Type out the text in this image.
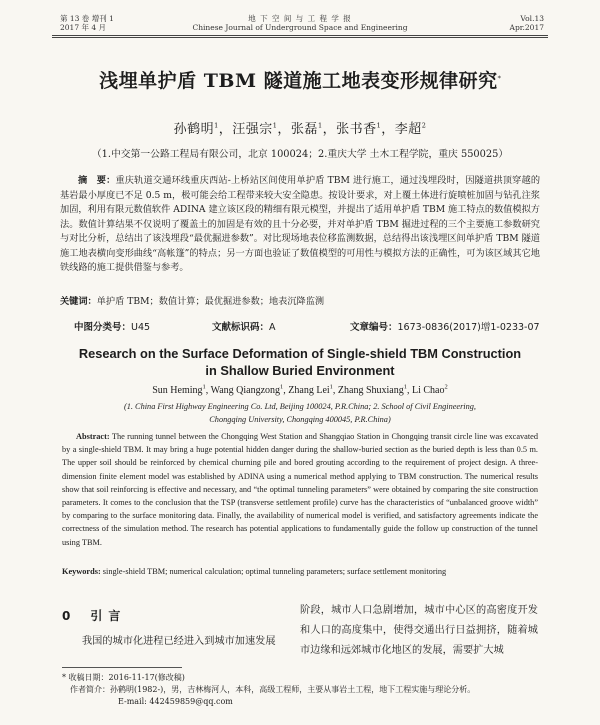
第 13 卷 增刊 1
2017 年 4 月
地 下 空 间 与 工 程 学 报
Chinese Journal of Underground Space and Engineering
Vol.13
Apr.2017
浅埋单护盾 TBM 隧道施工地表变形规律研究*
孙鹤明$^1$，汪强宗$^1$，张磊$^1$，张书香$^1$，李超$^2$
（1.中交第一公路工程局有限公司，北京 100024；2.重庆大学 土木工程学院，重庆 550025）
摘　要：重庆轨道交通环线重庆西站-上桥站区间使用单护盾 TBM 进行施工，通过浅埋段时，因隧道拱顶穿越的基岩最小厚度已不足 0.5 m，极可能会给工程带来较大安全隐患。按设计要求，对上覆土体进行旋喷桩加固与钻孔注浆加固，利用有限元数值软件 ADINA 建立该区段的精细有限元模型，并提出了适用单护盾 TBM 施工特点的数值模拟方法。数值计算结果不仅说明了覆盖土的加固是有效的且十分必要，并对单护盾 TBM 掘进过程的三个主要施工参数研究与对比分析，总结出了该浅埋段“最优掘进参数”。对比现场地表位移监测数据，总结得出该浅埋区间单护盾 TBM 隧道施工地表横向变形曲线“高帐篷”的特点；另一方面也验证了数值模型的可用性与模拟方法的正确性，可为该区域其它地铁线路的施工提供借鉴与参考。
关键词：单护盾 TBM；数值计算；最优掘进参数；地表沉降监测
中图分类号：U45	文献标识码：A	文章编号：1673-0836(2017)增1-0233-07
Research on the Surface Deformation of Single-shield TBM Construction
in Shallow Buried Environment
Sun Heming$^1$, Wang Qiangzong$^1$, Zhang Lei$^1$, Zhang Shuxiang$^1$, Li Chao$^2$
(1. China First Highway Engineering Co. Ltd, Beijing 100024, P.R.China; 2. School of Civil Engineering,
Chongqing University, Chongqing 400045, P.R.China)
Abstract: The running tunnel between the Chongqing West Station and Shangqiao Station in Chongqing transit circle line was excavated by a single-shield TBM. It may bring a huge potential hidden danger during the shallow-buried section as the buried depth is less than 0.5 m. The upper soil should be reinforced by chemical churning pile and bored grouting according to the requirement of project design. A three-dimension finite element model was established by ADINA using a numerical method applying to TBM construction. The numerical results show that soil reinforcing is effective and necessary, and “the optimal tunneling parameters” were obtained by comparing the site construction parameters. It comes to the conclusion that the TSP (transverse settlement profile) curve has the characteristics of “unbalanced groove width” by comparing to the surface monitoring data. Finally, the availability of numerical model is verified, and satisfactory agreements indicate the correctness of the simulation method. The research has potential applications to fundamentally guide the follow up construction of the tunnel using TBM.
Keywords: single-shield TBM; numerical calculation; optimal tunneling parameters; surface settlement monitoring
0 引言
我国的城市化进程已经进入到城市加速发展
阶段，城市人口急剧增加，城市中心区的高密度开发和人口的高度集中，使得交通出行日益拥挤，随着城市边缘和远郊城市化地区的发展，需要扩大城
* 收稿日期：2016-11-17(修改稿)
作者简介：孙鹤明(1982-)，男，吉林梅河人，本科，高级工程师，主要从事岩土工程，地下工程实施与理论分析。
E-mail: 442459859@qq.com
